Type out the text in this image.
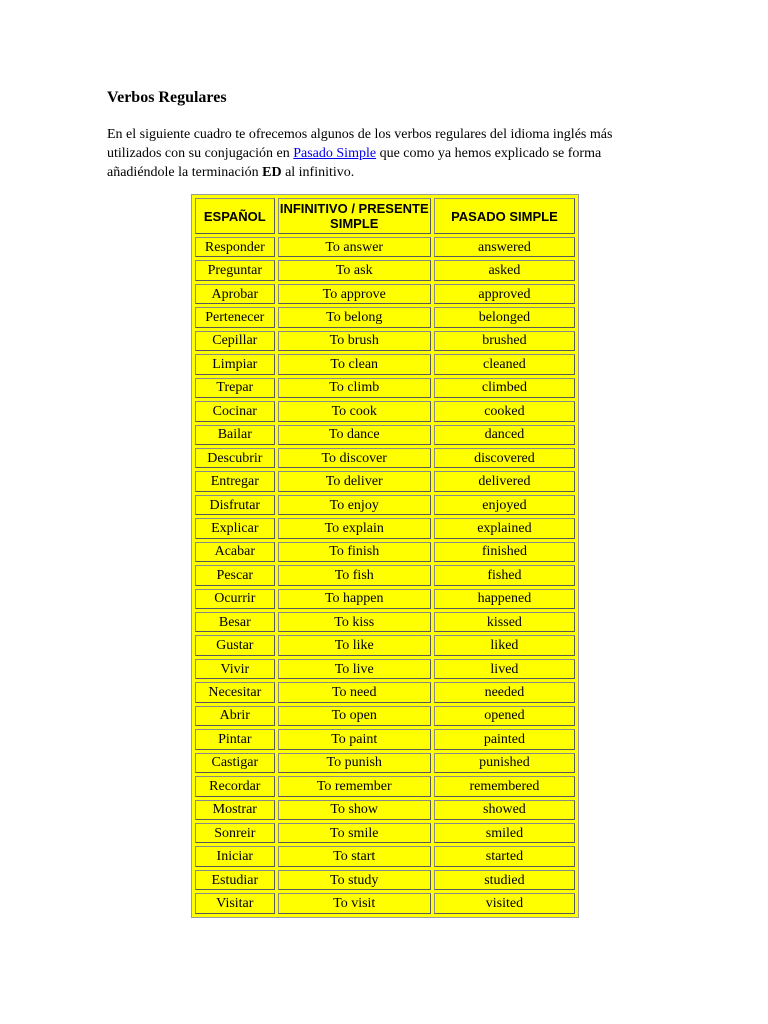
Verbos Regulares
En el siguiente cuadro te ofrecemos algunos de los verbos regulares del idioma inglés más utilizados con su conjugación en Pasado Simple que como ya hemos explicado se forma añadiéndole la terminación ED al infinitivo.
ESPAÑOL	INFINITIVO / PRESENTE SIMPLE	PASADO SIMPLE
Responder	To answer	answered
Preguntar	To ask	asked
Aprobar	To approve	approved
Pertenecer	To belong	belonged
Cepillar	To brush	brushed
Limpiar	To clean	cleaned
Trepar	To climb	climbed
Cocinar	To cook	cooked
Bailar	To dance	danced
Descubrir	To discover	discovered
Entregar	To deliver	delivered
Disfrutar	To enjoy	enjoyed
Explicar	To explain	explained
Acabar	To finish	finished
Pescar	To fish	fished
Ocurrir	To happen	happened
Besar	To kiss	kissed
Gustar	To like	liked
Vivir	To live	lived
Necesitar	To need	needed
Abrir	To open	opened
Pintar	To paint	painted
Castigar	To punish	punished
Recordar	To remember	remembered
Mostrar	To show	showed
Sonreir	To smile	smiled
Iniciar	To start	started
Estudiar	To study	studied
Visitar	To visit	visited
